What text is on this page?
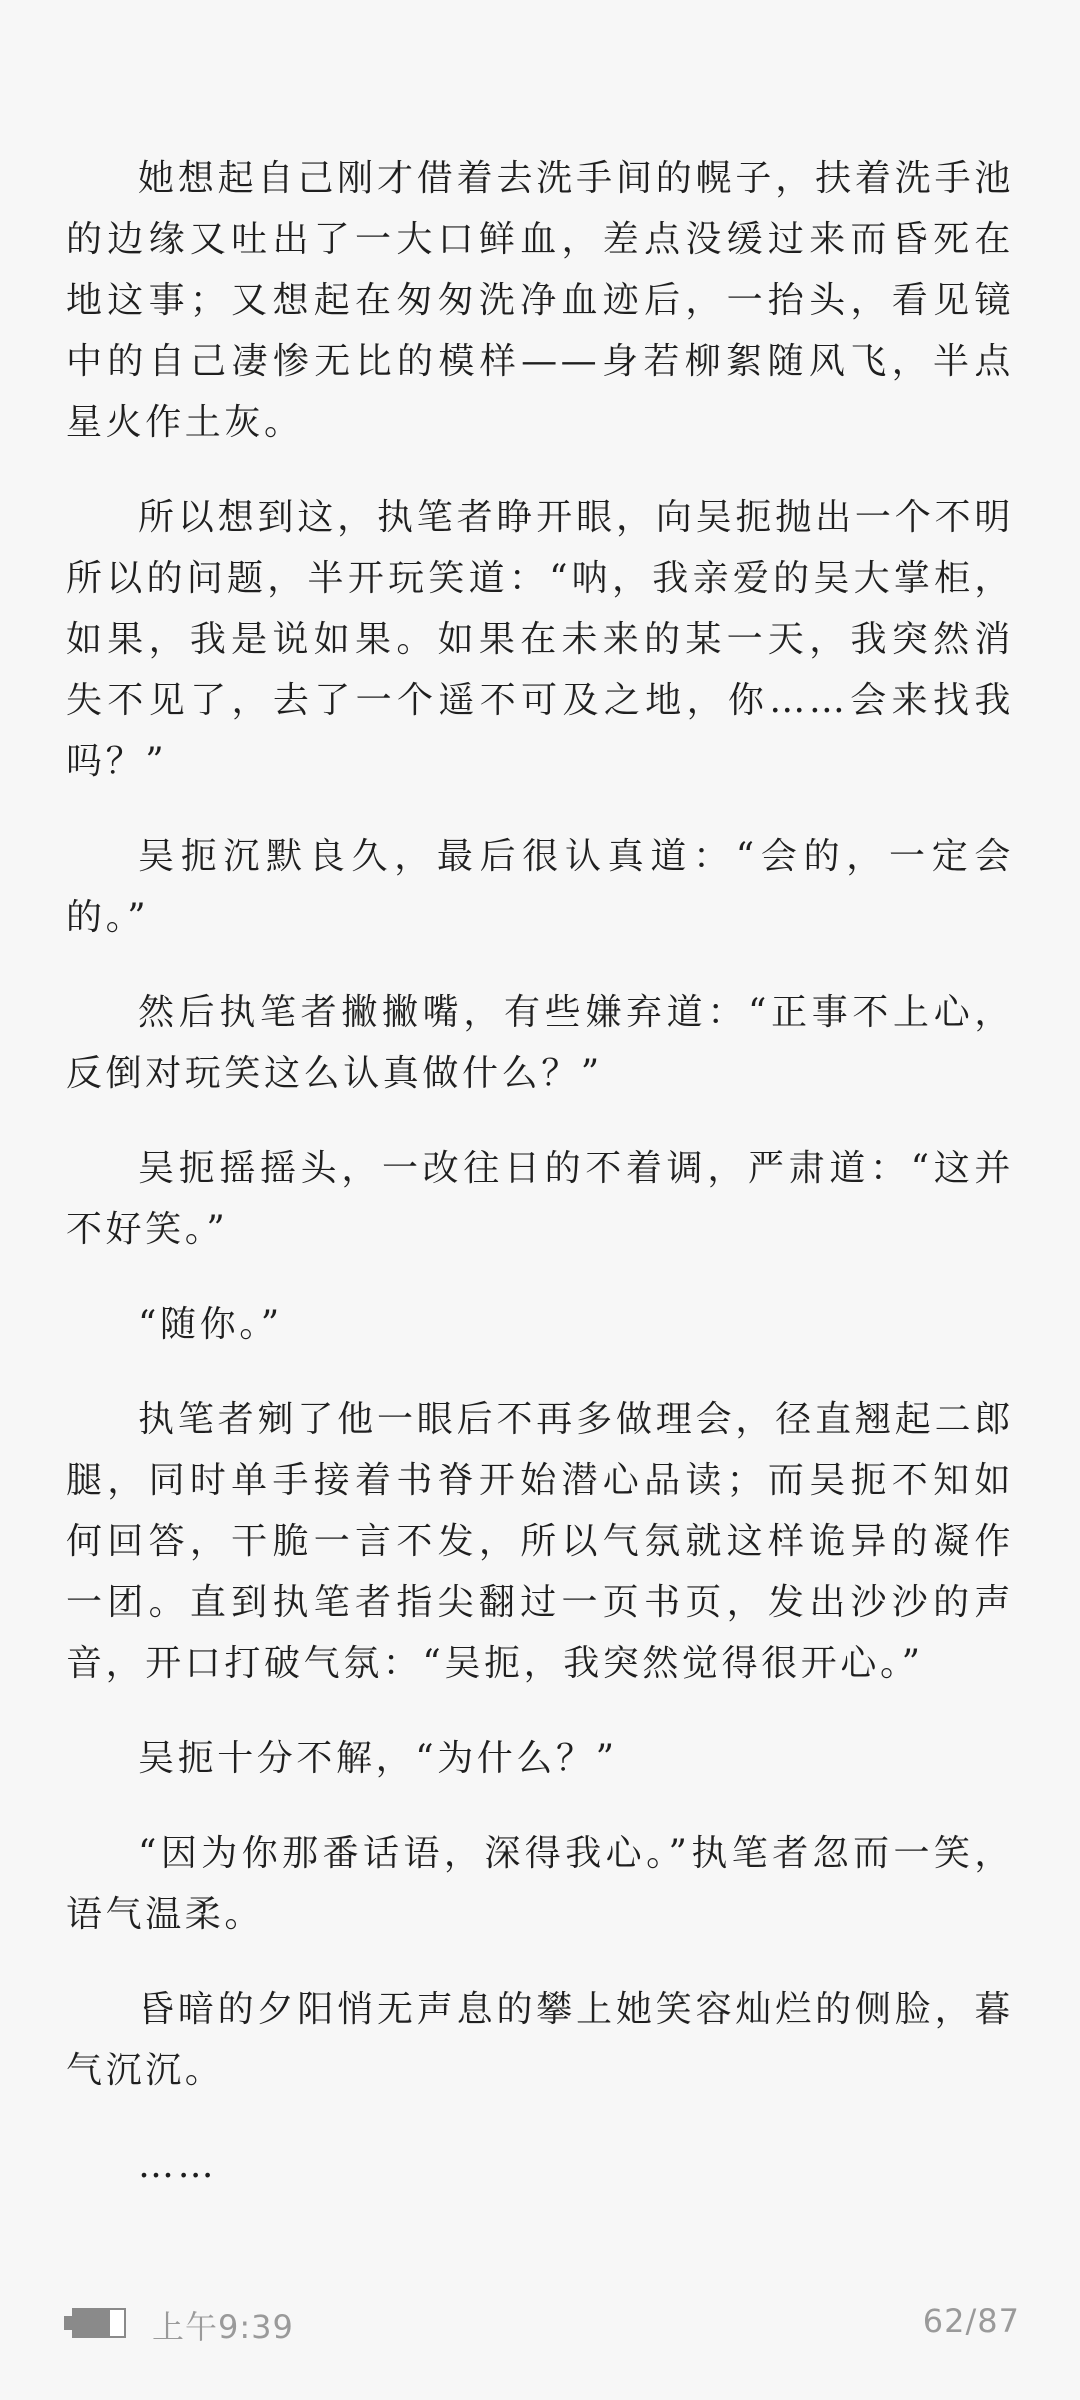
她想起自己刚才借着去洗手间的幌子，扶着洗手池的边缘又吐出了一大口鲜血，差点没缓过来而昏死在地这事；又想起在匆匆洗净血迹后，一抬头，看见镜中的自己凄惨无比的模样——身若柳絮随风飞，半点星火作土灰。

所以想到这，执笔者睁开眼，向吴扼抛出一个不明所以的问题，半开玩笑道：“呐，我亲爱的吴大掌柜，如果，我是说如果。如果在未来的某一天，我突然消失不见了，去了一个遥不可及之地，你……会来找我吗？”

吴扼沉默良久，最后很认真道：“会的，一定会的。”

然后执笔者撇撇嘴，有些嫌弃道：“正事不上心，反倒对玩笑这么认真做什么？”

吴扼摇摇头，一改往日的不着调，严肃道：“这并不好笑。”

“随你。”

执笔者剜了他一眼后不再多做理会，径直翘起二郎腿，同时单手接着书脊开始潜心品读；而吴扼不知如何回答，干脆一言不发，所以气氛就这样诡异的凝作一团。直到执笔者指尖翻过一页书页，发出沙沙的声音，开口打破气氛：“吴扼，我突然觉得很开心。”

吴扼十分不解，“为什么？”

“因为你那番话语，深得我心。”执笔者忽而一笑，语气温柔。

昏暗的夕阳悄无声息的攀上她笑容灿烂的侧脸，暮气沉沉。

……

上午9:39	62/87
